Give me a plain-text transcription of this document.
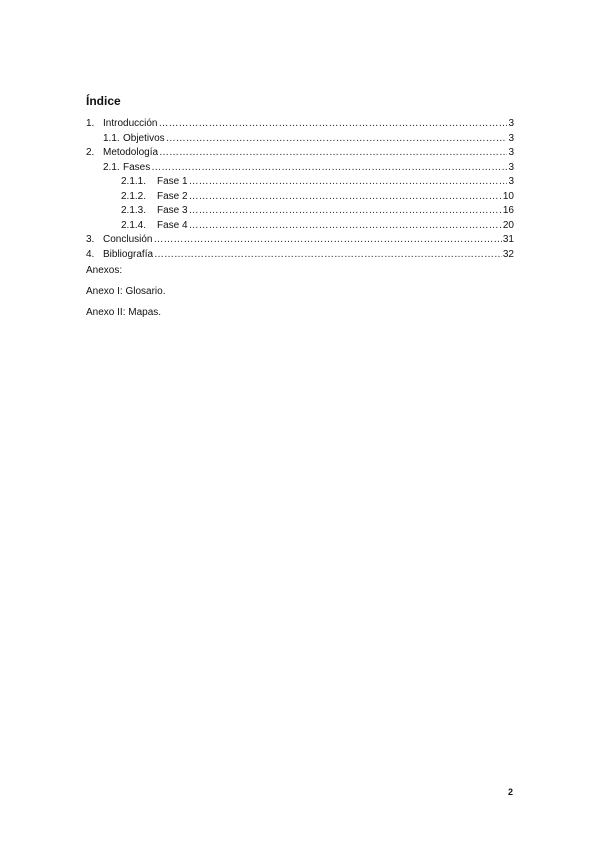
Índice
1. Introducción …………………………………………………………………………………………………………………………………………………………………………………………………………	3
1.1. Objetivos …………………………………………………………………………………………………………………………………………………………………………………………………………	3
2. Metodología …………………………………………………………………………………………………………………………………………………………………………………………………………	3
2.1. Fases …………………………………………………………………………………………………………………………………………………………………………………………………………	3
2.1.1.	Fase 1 …………………………………………………………………………………………………………………………………………………………………………………………………………	3
2.1.2.	Fase 2 …………………………………………………………………………………………………………………………………………………………………………………………………………	10
2.1.3.	Fase 3 …………………………………………………………………………………………………………………………………………………………………………………………………………	16
2.1.4.	Fase 4 …………………………………………………………………………………………………………………………………………………………………………………………………………	20
3. Conclusión …………………………………………………………………………………………………………………………………………………………………………………………………………	31
4. Bibliografía …………………………………………………………………………………………………………………………………………………………………………………………………………	32

Anexos:

Anexo I: Glosario.

Anexo II: Mapas.

2
